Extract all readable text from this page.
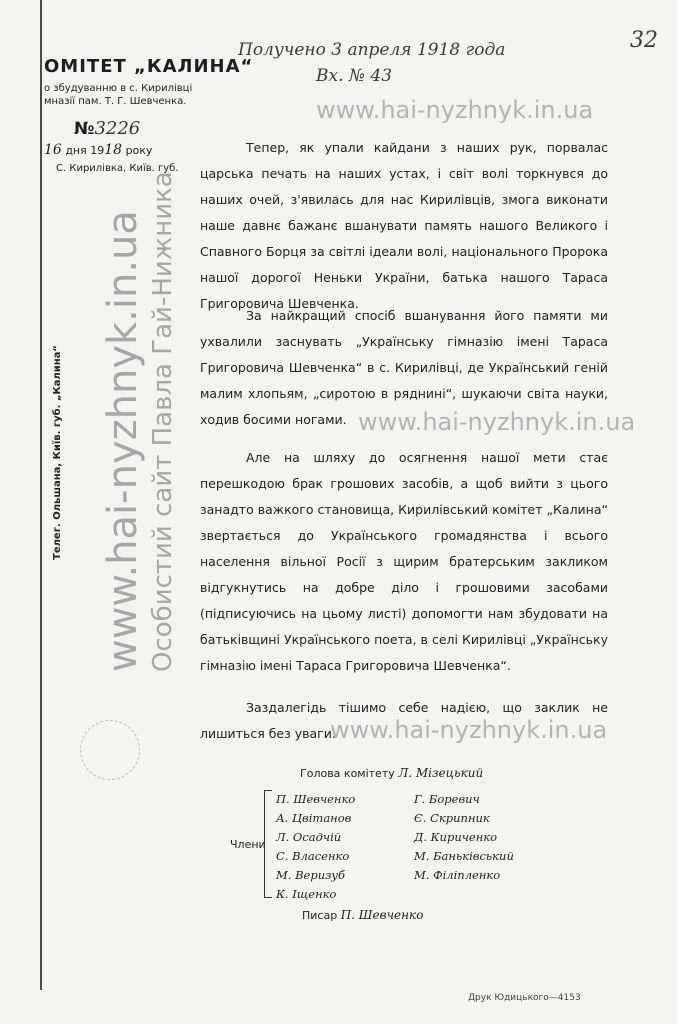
ОМІТЕТ „КАЛИНА“
о збудуванню в с. Кирилівці
мназії пам. Т. Г. Шевченка.
№3226
16 дня 1918 року
С. Кирилівка, Київ. губ.
Получено 3 апреля 1918 года
Вх. № 43
32
Телег. Ольшана, Київ. губ. „Калина“ www.hai-nyzhnyk.in.ua Особистий сайт Павла Гай-Нижника
Тепер, як упали кайдани з наших рук, порвалас царська печать на наших устах, і світ волі торкнувся до наших очей, з'явилась для нас Кирилівців, змога виконати наше давнє бажанє вшанувати память нашого Великого і Спавного Борця за світлі ідеали волі, національного Пророка нашої дорогої Неньки України, батька нашого Тараса Григоровича Шевченка.
За найкращий спосіб вшанування його памяти ми ухвалили заснувать „Українську гімназію імені Тараса Григоровича Шевченка“ в с. Кирилівці, де Український геній малим хлопьям, „сиротою в ряднині“, шукаючи світа науки, ходив босими ногами.
Але на шляху до осягнення нашої мети стає перешкодою брак грошових засобів, а щоб вийти з цього занадто важкого становища, Кирилівський комітет „Калина“ звертається до Українського громадянства і всього населення вільної Росії з щирим братерським закликом відгукнутись на добре діло і грошовими засобами (підписуючись на цьому листі) допомогти нам збудовати на батьківщині Українського поета, в селі Кирилівці „Українську гімназію імені Тараса Григоровича Шевченка“.
Заздалегідь тішимо себе надією, що заклик не лишиться без уваги.
www.hai-nyzhnyk.in.ua
www.hai-nyzhnyk.in.ua
www.hai-nyzhnyk.in.ua
Голова комітету Л. Мізецький
Члени
П. Шевченко
А. Цвітанов
Л. Осадчій
С. Власенко
М. Веризуб
К. Іщенко
Г. Боревич
Є. Скрипник
Д. Кириченко
М. Баньківський
М. Філіпленко
Писар П. Шевченко
Друк Юдицького—4153
